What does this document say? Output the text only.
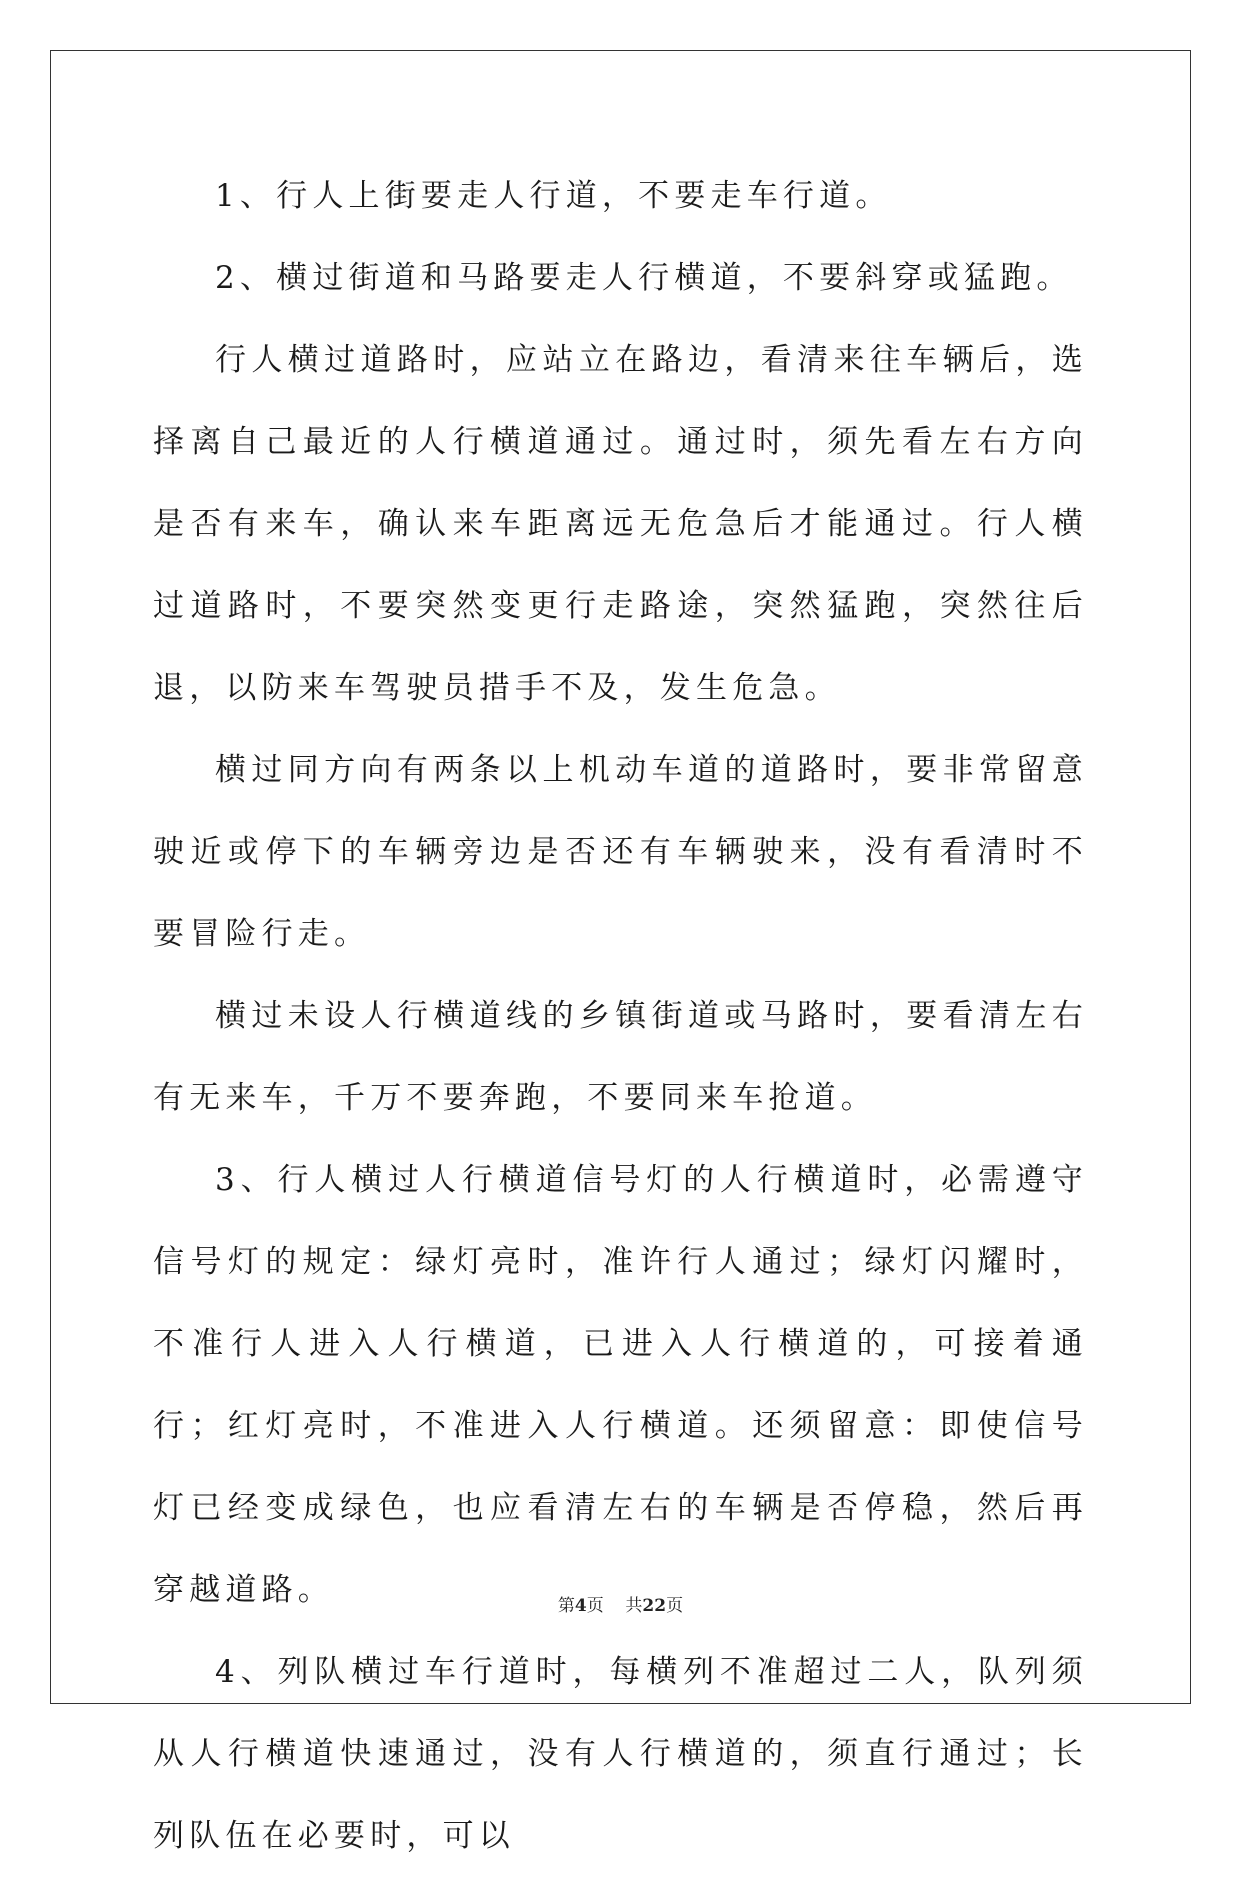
1、行人上街要走人行道，不要走车行道。

2、横过街道和马路要走人行横道，不要斜穿或猛跑。

行人横过道路时，应站立在路边，看清来往车辆后，选择离自己最近的人行横道通过。通过时，须先看左右方向是否有来车，确认来车距离远无危急后才能通过。行人横过道路时，不要突然变更行走路途，突然猛跑，突然往后退，以防来车驾驶员措手不及，发生危急。

横过同方向有两条以上机动车道的道路时，要非常留意驶近或停下的车辆旁边是否还有车辆驶来，没有看清时不要冒险行走。

横过未设人行横道线的乡镇街道或马路时，要看清左右有无来车，千万不要奔跑，不要同来车抢道。

3、行人横过人行横道信号灯的人行横道时，必需遵守信号灯的规定：绿灯亮时，准许行人通过；绿灯闪耀时，不准行人进入人行横道，已进入人行横道的，可接着通行；红灯亮时，不准进入人行横道。还须留意：即使信号灯已经变成绿色，也应看清左右的车辆是否停稳，然后再穿越道路。

4、列队横过车行道时，每横列不准超过二人，队列须从人行横道快速通过，没有人行横道的，须直行通过；长列队伍在必要时，可以

第4页 共22页
